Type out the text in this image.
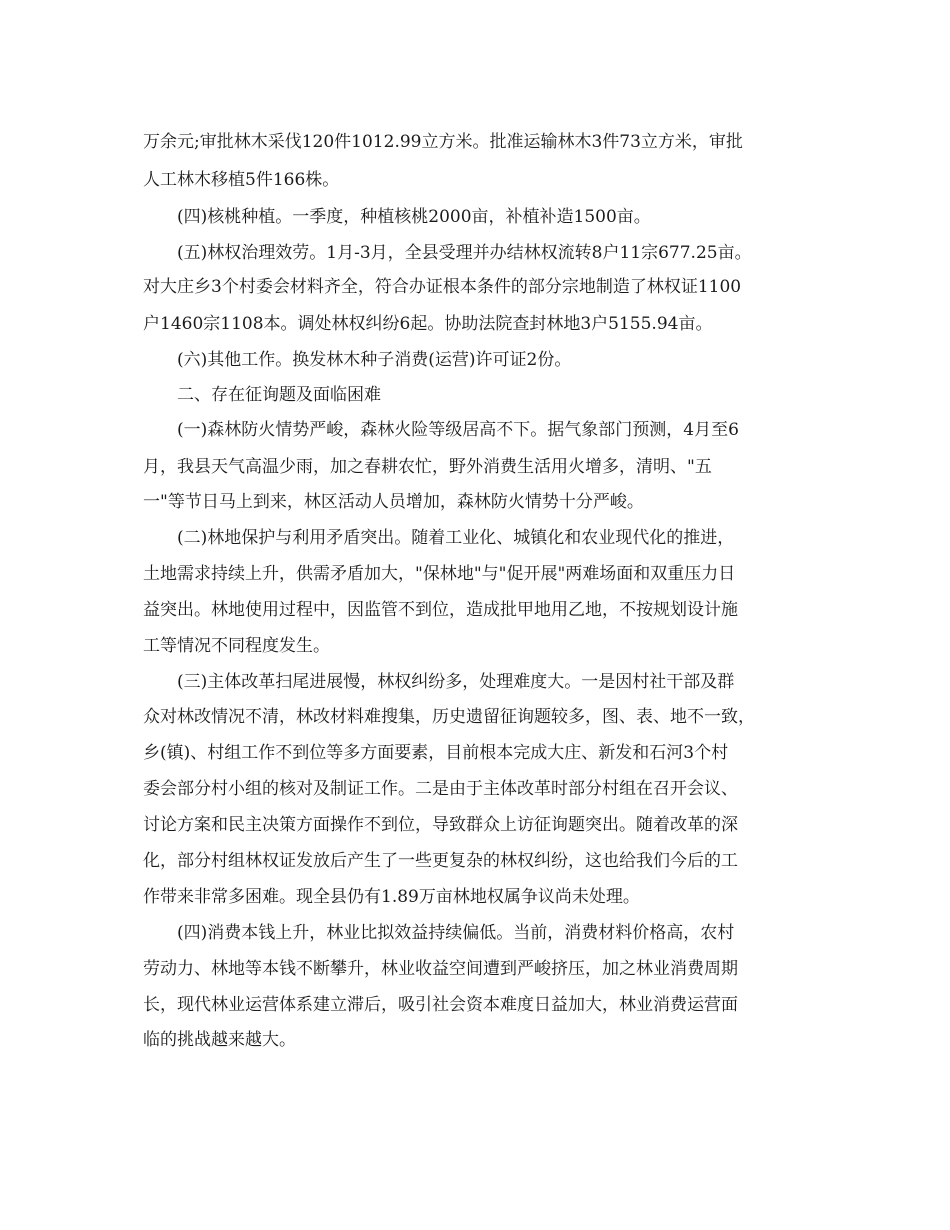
万余元;审批林木采伐120件1012.99立方米。批准运输林木3件73立方米，审批

人工林木移植5件166株。

(四)核桃种植。一季度，种植核桃2000亩，补植补造1500亩。

(五)林权治理效劳。1月-3月，全县受理并办结林权流转8户11宗677.25亩。

对大庄乡3个村委会材料齐全，符合办证根本条件的部分宗地制造了林权证1100

户1460宗1108本。调处林权纠纷6起。协助法院查封林地3户5155.94亩。

(六)其他工作。换发林木种子消费(运营)许可证2份。

二、存在征询题及面临困难

(一)森林防火情势严峻，森林火险等级居高不下。据气象部门预测，4月至6

月，我县天气高温少雨，加之春耕农忙，野外消费生活用火增多，清明、"五

一"等节日马上到来，林区活动人员增加，森林防火情势十分严峻。

(二)林地保护与利用矛盾突出。随着工业化、城镇化和农业现代化的推进，

土地需求持续上升，供需矛盾加大，"保林地"与"促开展"两难场面和双重压力日

益突出。林地使用过程中，因监管不到位，造成批甲地用乙地，不按规划设计施

工等情况不同程度发生。

(三)主体改革扫尾进展慢，林权纠纷多，处理难度大。一是因村社干部及群

众对林改情况不清，林改材料难搜集，历史遗留征询题较多，图、表、地不一致，

乡(镇)、村组工作不到位等多方面要素，目前根本完成大庄、新发和石河3个村

委会部分村小组的核对及制证工作。二是由于主体改革时部分村组在召开会议、

讨论方案和民主决策方面操作不到位，导致群众上访征询题突出。随着改革的深

化，部分村组林权证发放后产生了一些更复杂的林权纠纷，这也给我们今后的工

作带来非常多困难。现全县仍有1.89万亩林地权属争议尚未处理。

(四)消费本钱上升，林业比拟效益持续偏低。当前，消费材料价格高，农村

劳动力、林地等本钱不断攀升，林业收益空间遭到严峻挤压，加之林业消费周期

长，现代林业运营体系建立滞后，吸引社会资本难度日益加大，林业消费运营面

临的挑战越来越大。
